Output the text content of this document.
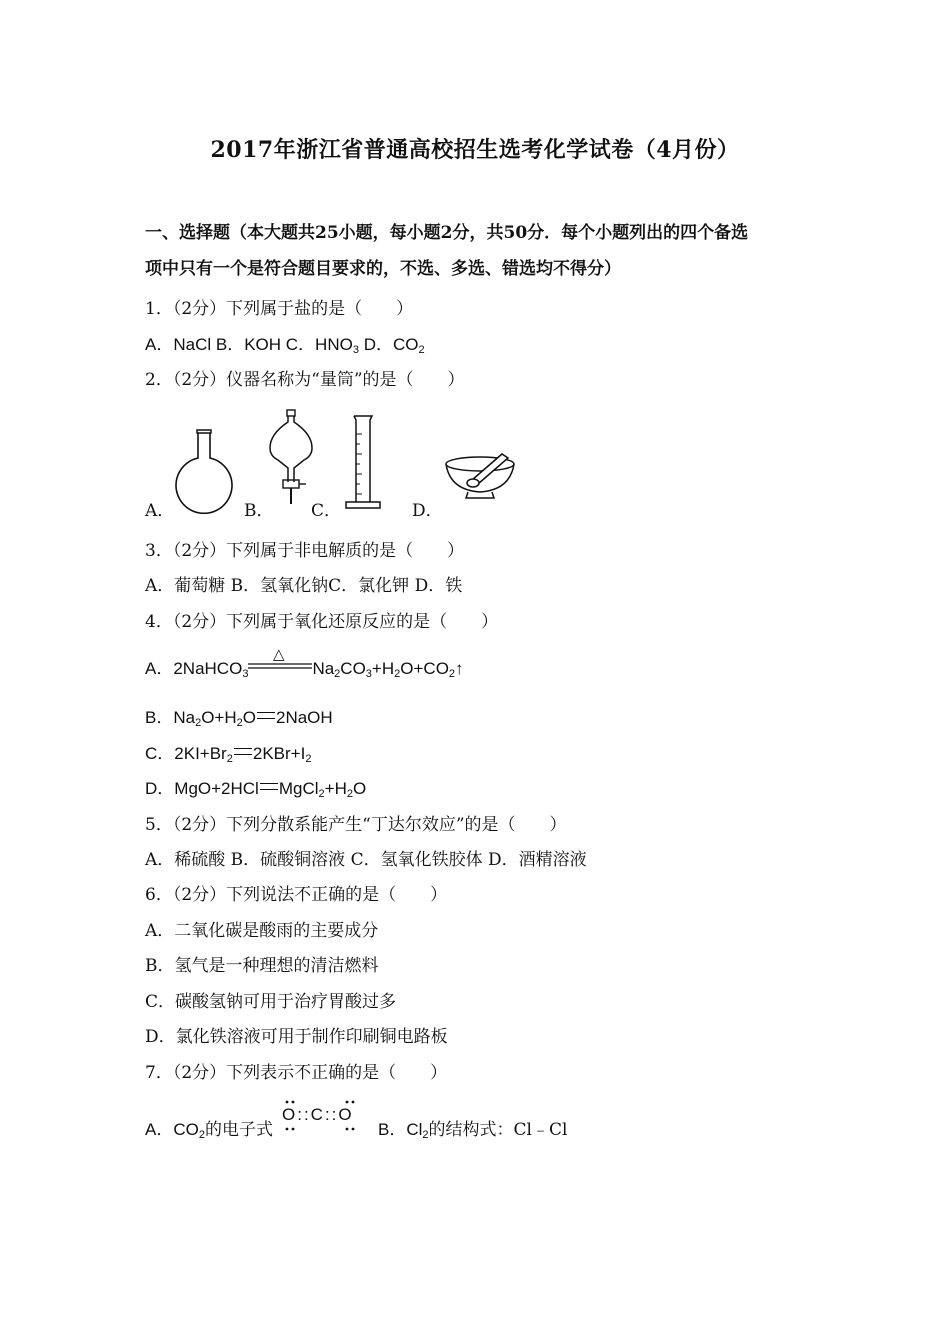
2017年浙江省普通高校招生选考化学试卷（4月份）
一、选择题（本大题共25小题，每小题2分，共50分．每个小题列出的四个备选
项中只有一个是符合题目要求的，不选、多选、错选均不得分）
1．（2分）下列属于盐的是（　　）
A．NaCl B．KOH C．$HNO_3$ D．$CO_2$
2．（2分）仪器名称为“量筒”的是（　　）
A．	B． C．	D．
3．（2分）下列属于非电解质的是（　　）
A．葡萄糖 B．氢氧化钠C．氯化钾 D．铁
4．（2分）下列属于氧化还原反应的是（　　）
A．2NaHCO$_3$
△
$Na_2CO_3+H_2O+CO_2↑$
B．$Na_2O+H_2O$ 2NaOH
C．$2KI+Br_2$ $2KBr+I_2$
D．MgO+2HCl $MgCl_2+H_2O$
5．（2分）下列分散系能产生“丁达尔效应”的是（　　）
A．稀硫酸 B．硫酸铜溶液 C．氢氧化铁胶体 D．酒精溶液
6．（2分）下列说法不正确的是（　　）
A．二氧化碳是酸雨的主要成分
B．氢气是一种理想的清洁燃料
C．碳酸氢钠可用于治疗胃酸过多
D．氯化铁溶液可用于制作印刷铜电路板
7．（2分）下列表示不正确的是（　　）
A．$CO_2$的电子式
O::C::O
B．$Cl_2$的结构式：Cl﹣Cl
